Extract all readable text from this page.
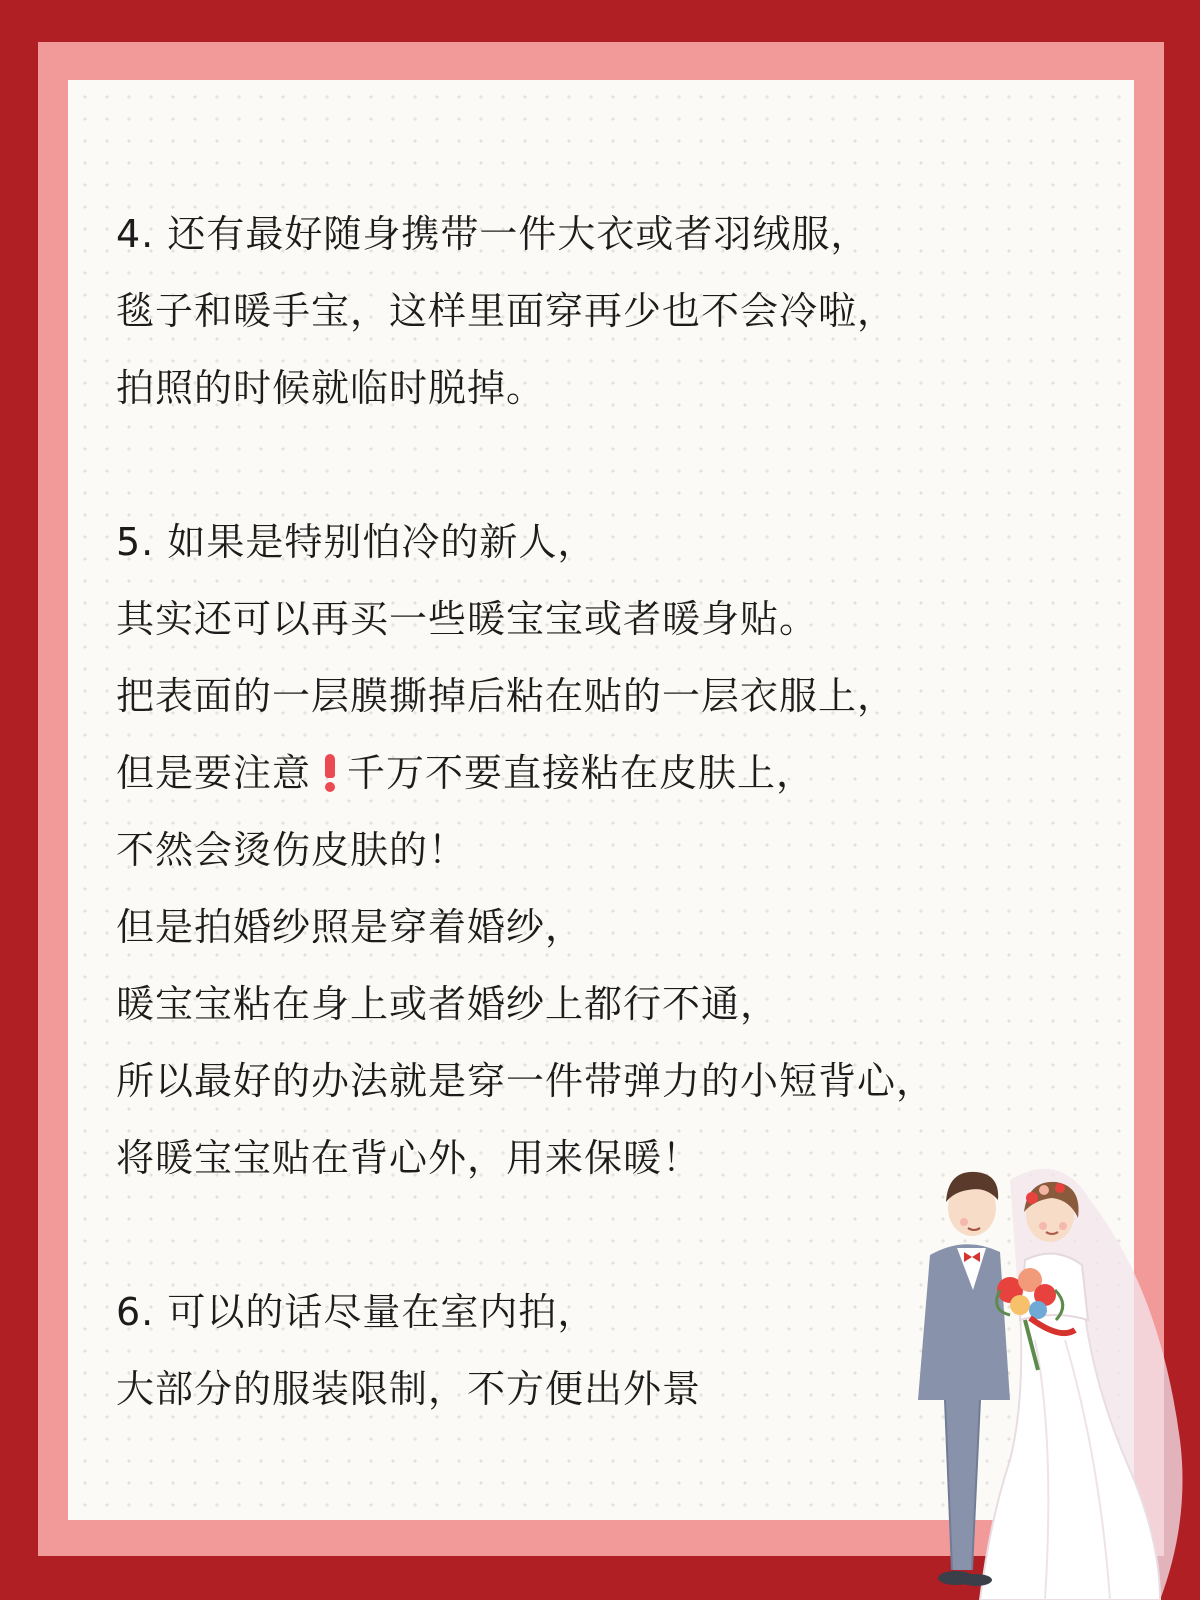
4. 还有最好随身携带一件大衣或者羽绒服，
毯子和暖手宝，这样里面穿再少也不会冷啦，
拍照的时候就临时脱掉。
5. 如果是特别怕冷的新人，
其实还可以再买一些暖宝宝或者暖身贴。
把表面的一层膜撕掉后粘在贴的一层衣服上，
但是要注意 千万不要直接粘在皮肤上，
不然会烫伤皮肤的！
但是拍婚纱照是穿着婚纱，
暖宝宝粘在身上或者婚纱上都行不通，
所以最好的办法就是穿一件带弹力的小短背心，
将暖宝宝贴在背心外，用来保暖！
6. 可以的话尽量在室内拍，
大部分的服装限制，不方便出外景
